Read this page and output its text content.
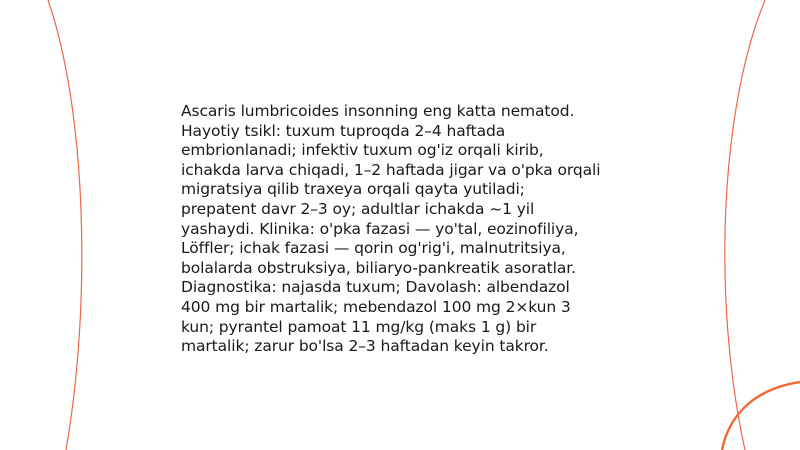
Ascaris lumbricoides insonning eng katta nematod.
Hayotiy tsikl: tuxum tuproqda 2–4 haftada
embrionlanadi; infektiv tuxum og'iz orqali kirib,
ichakda larva chiqadi, 1–2 haftada jigar va o'pka orqali
migratsiya qilib traxeya orqali qayta yutiladi;
prepatent davr 2–3 oy; adultlar ichakda ~1 yil
yashaydi. Klinika: o'pka fazasi — yo'tal, eozinofiliya,
Löffler; ichak fazasi — qorin og'rig'i, malnutritsiya,
bolalarda obstruksiya, biliaryo-pankreatik asoratlar.
Diagnostika: najasda tuxum; Davolash: albendazol
400 mg bir martalik; mebendazol 100 mg 2×kun 3
kun; pyrantel pamoat 11 mg/kg (maks 1 g) bir
martalik; zarur bo'lsa 2–3 haftadan keyin takror.
